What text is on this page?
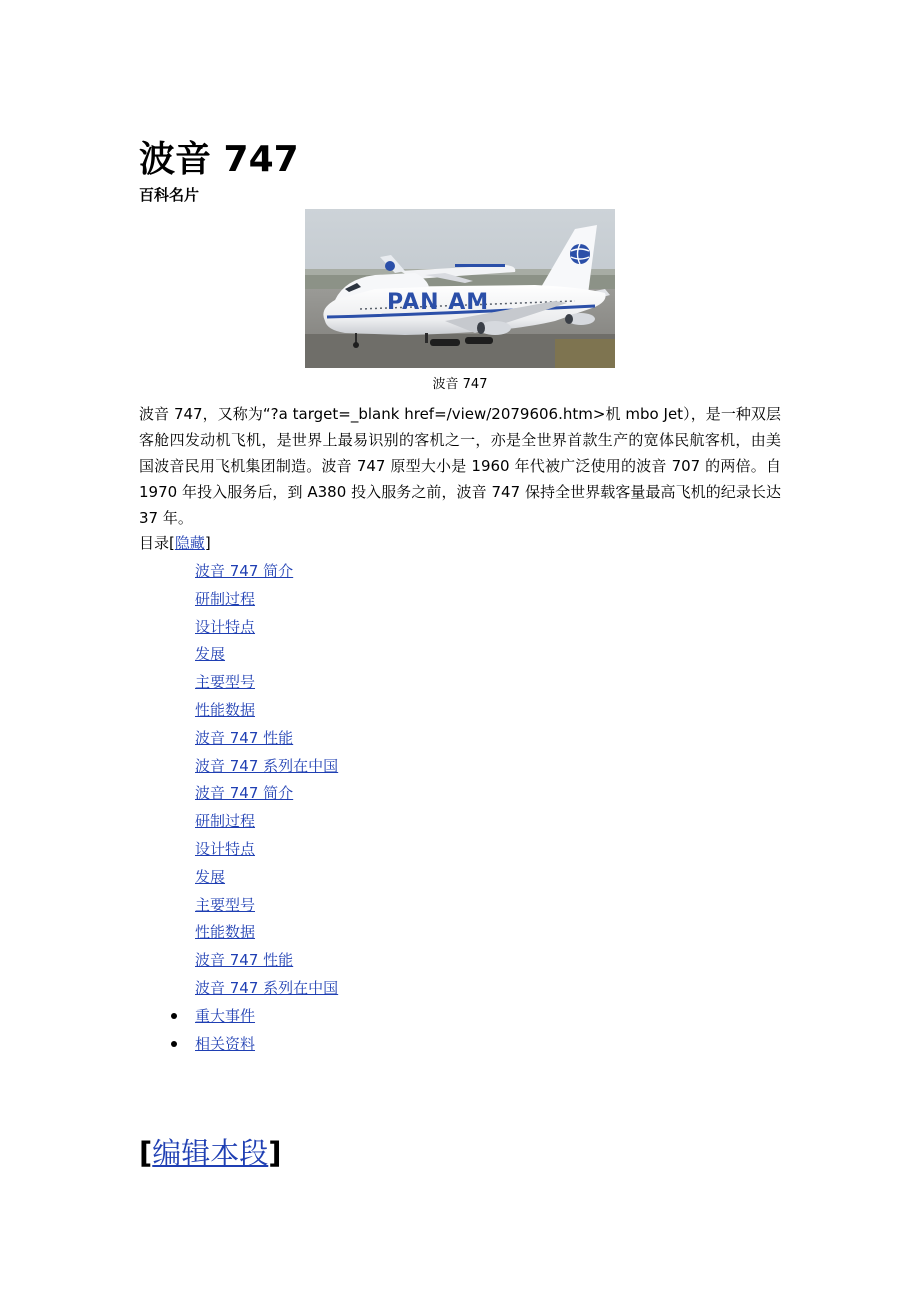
波音 747
百科名片
PAN AM
波音 747

波音 747，又称为“?a target=_blank href=/view/2079606.htm>机 mbo Jet），是一种双层客舱四发动机飞机，是世界上最易识别的客机之一，亦是全世界首款生产的宽体民航客机，由美国波音民用飞机集团制造。波音 747 原型大小是 1960 年代被广泛使用的波音 707 的两倍。自 1970 年投入服务后，到 A380 投入服务之前，波音 747 保持全世界载客量最高飞机的纪录长达 37 年。

目录[隐藏]
波音 747 简介
研制过程
设计特点
发展
主要型号
性能数据
波音 747 性能
波音 747 系列在中国
波音 747 简介
研制过程
设计特点
发展
主要型号
性能数据
波音 747 性能
波音 747 系列在中国
重大事件
相关资料
[编辑本段]
